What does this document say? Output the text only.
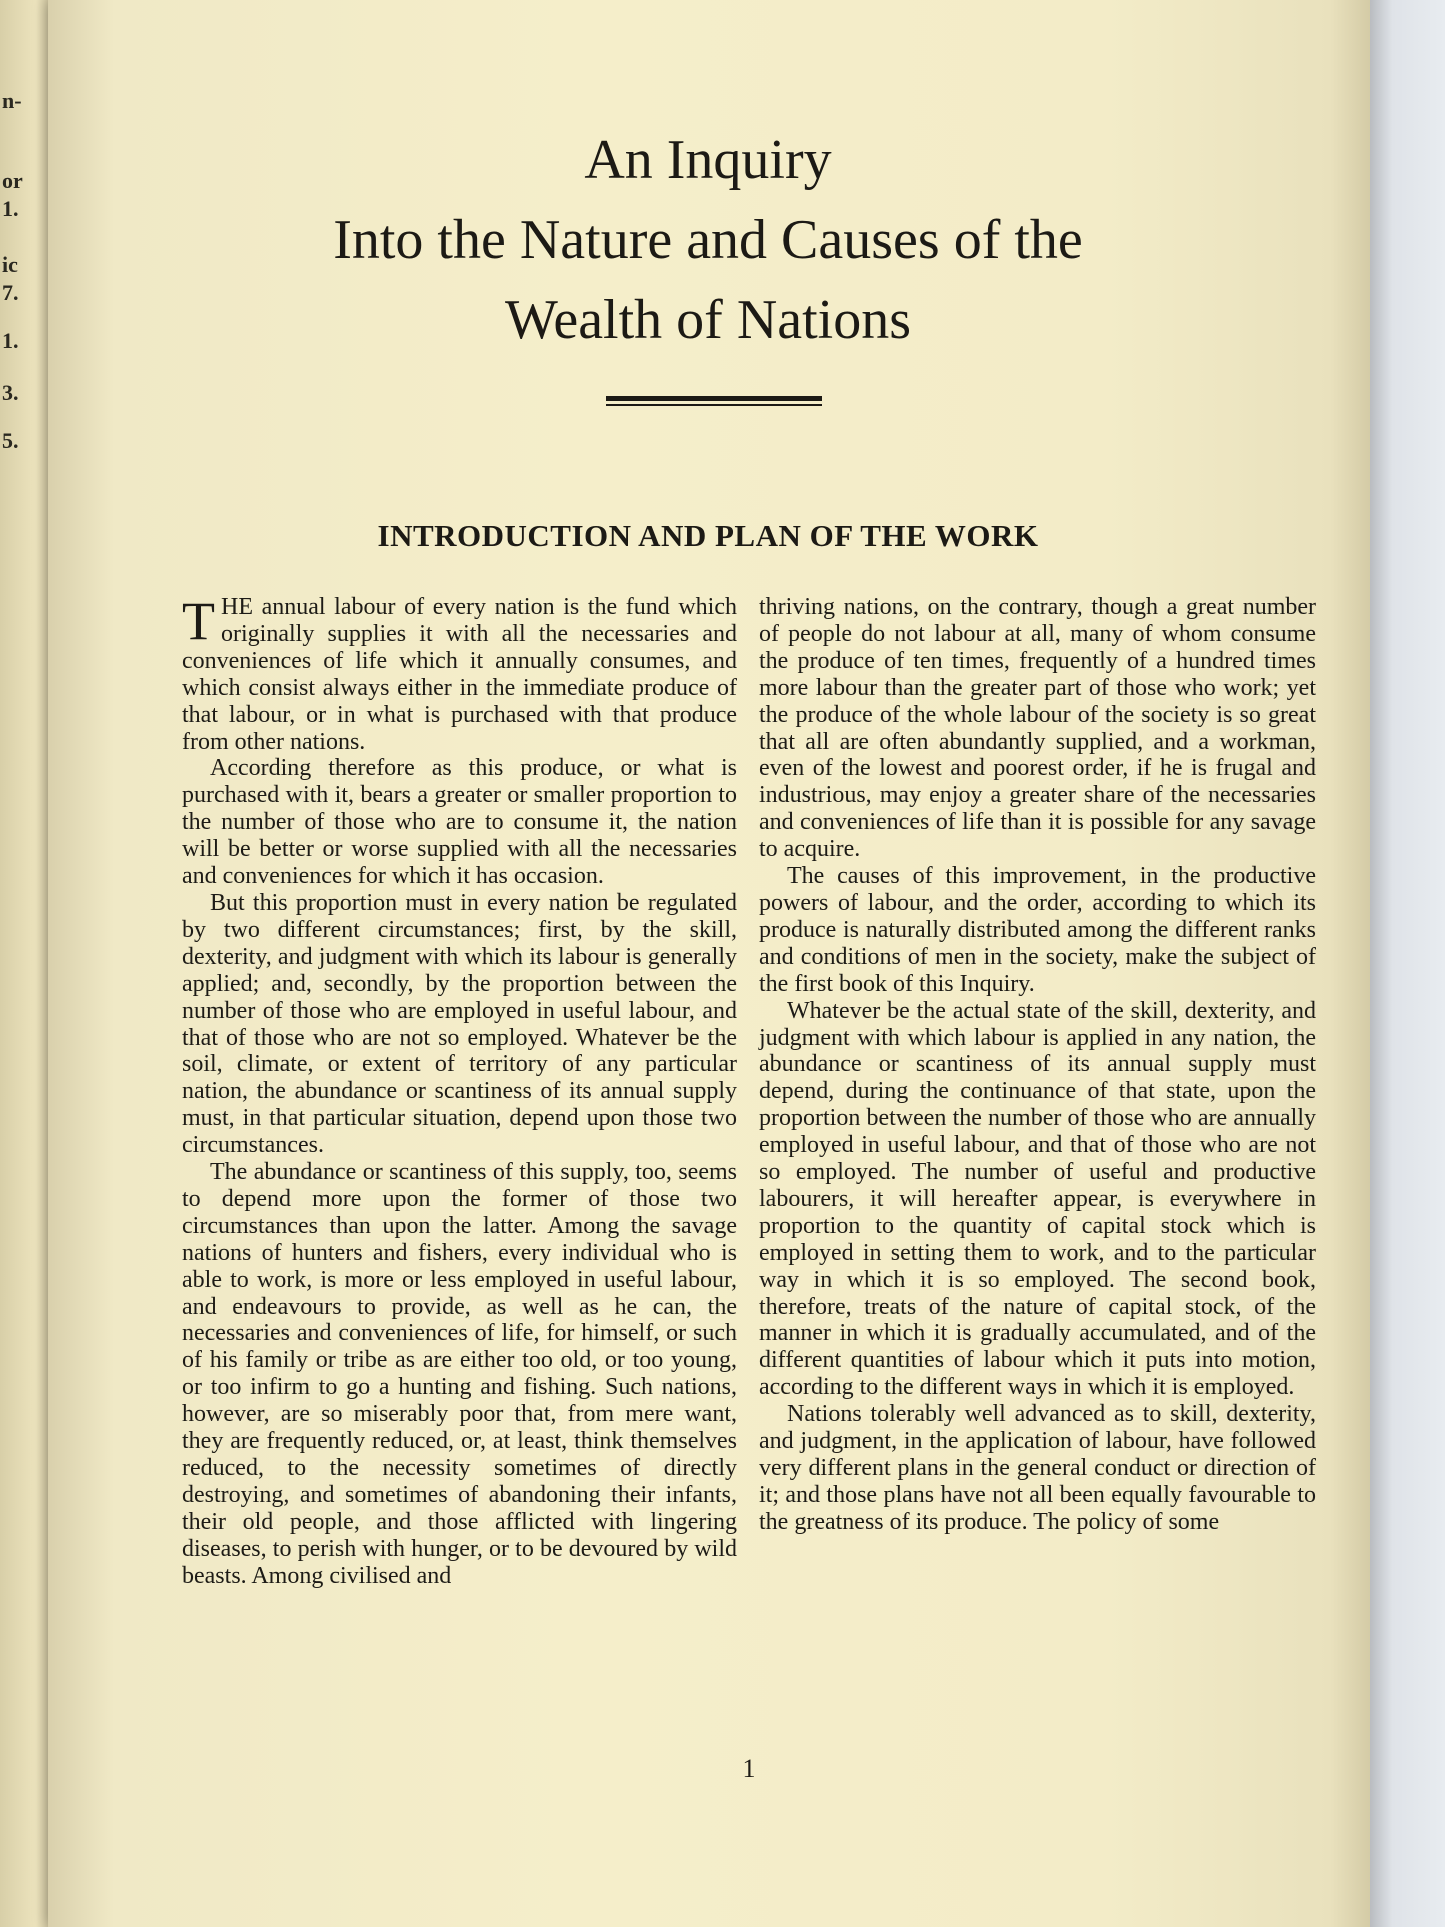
n-
or
1.
ic
7.
1.
3.
5.
An Inquiry
Into the Nature and Causes of the
Wealth of Nations
INTRODUCTION AND PLAN OF THE WORK

THE annual labour of every nation is the fund which originally supplies it with all the necessaries and conveniences of life which it annually consumes, and which consist always either in the immediate produce of that labour, or in what is purchased with that produce from other nations.

According therefore as this produce, or what is purchased with it, bears a greater or smaller proportion to the number of those who are to consume it, the nation will be better or worse supplied with all the necessaries and conveniences for which it has occasion.

But this proportion must in every nation be regulated by two different circumstances; first, by the skill, dexterity, and judgment with which its labour is generally applied; and, secondly, by the proportion between the number of those who are employed in useful labour, and that of those who are not so employed. Whatever be the soil, climate, or extent of territory of any particular nation, the abundance or scantiness of its annual supply must, in that particular situation, depend upon those two circumstances.

The abundance or scantiness of this supply, too, seems to depend more upon the former of those two circumstances than upon the latter. Among the savage nations of hunters and fishers, every individual who is able to work, is more or less employed in useful labour, and endeavours to provide, as well as he can, the necessaries and conveniences of life, for himself, or such of his family or tribe as are either too old, or too young, or too infirm to go a hunting and fishing. Such nations, however, are so miserably poor that, from mere want, they are frequently reduced, or, at least, think themselves reduced, to the necessity sometimes of directly destroying, and sometimes of abandoning their infants, their old people, and those afflicted with lingering diseases, to perish with hunger, or to be devoured by wild beasts. Among civilised and

thriving nations, on the contrary, though a great number of people do not labour at all, many of whom consume the produce of ten times, frequently of a hundred times more labour than the greater part of those who work; yet the produce of the whole labour of the society is so great that all are often abundantly supplied, and a workman, even of the lowest and poorest order, if he is frugal and industrious, may enjoy a greater share of the necessaries and conveniences of life than it is possible for any savage to acquire.

The causes of this improvement, in the productive powers of labour, and the order, according to which its produce is naturally distributed among the different ranks and conditions of men in the society, make the subject of the first book of this Inquiry.

Whatever be the actual state of the skill, dexterity, and judgment with which labour is applied in any nation, the abundance or scantiness of its annual supply must depend, during the continuance of that state, upon the proportion between the number of those who are annually employed in useful labour, and that of those who are not so employed. The number of useful and productive labourers, it will hereafter appear, is everywhere in proportion to the quantity of capital stock which is employed in setting them to work, and to the particular way in which it is so employed. The second book, therefore, treats of the nature of capital stock, of the manner in which it is gradually accumulated, and of the different quantities of labour which it puts into motion, according to the different ways in which it is employed.

Nations tolerably well advanced as to skill, dexterity, and judgment, in the application of labour, have followed very different plans in the general conduct or direction of it; and those plans have not all been equally favourable to the greatness of its produce. The policy of some

1
